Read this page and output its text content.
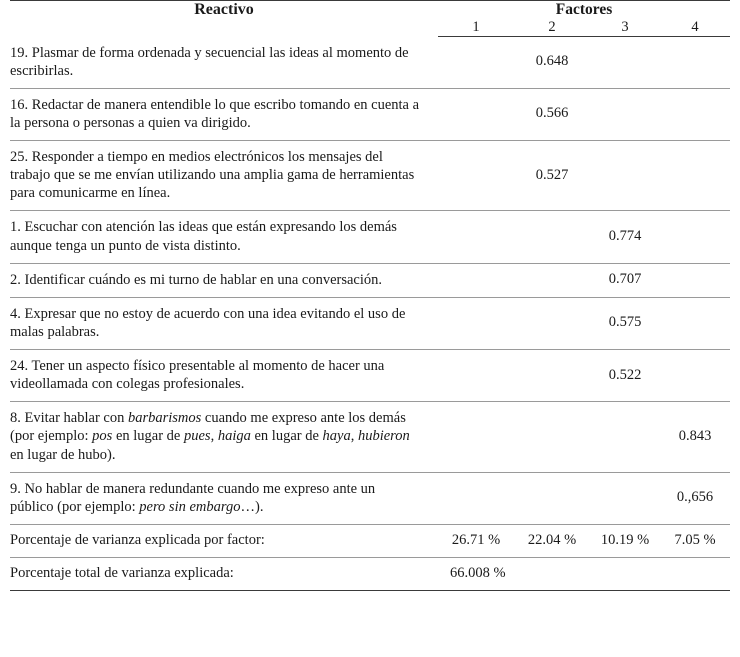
Reactivo	Factores			
	1	2	3	4
19. Plasmar de forma ordenada y secuencial las ideas al momento de escribirlas.		0.648		
16. Redactar de manera entendible lo que escribo tomando en cuenta a la persona o personas a quien va dirigido.		0.566		
25. Responder a tiempo en medios electrónicos los mensajes del trabajo que se me envían utilizando una amplia gama de herramientas para comunicarme en línea.		0.527		
1. Escuchar con atención las ideas que están expresando los demás aunque tenga un punto de vista distinto.			0.774	
2. Identificar cuándo es mi turno de hablar en una conversación.			0.707	
4. Expresar que no estoy de acuerdo con una idea evitando el uso de malas palabras.			0.575	
24. Tener un aspecto físico presentable al momento de hacer una videollamada con colegas profesionales.			0.522	
8. Evitar hablar con barbarismos cuando me expreso ante los demás (por ejemplo: pos en lugar de pues, haiga en lugar de haya, hubieron en lugar de hubo).				0.843
9. No hablar de manera redundante cuando me expreso ante un público (por ejemplo: pero sin embargo…).				0.,656
Porcentaje de varianza explicada por factor:	26.71 %	22.04 %	10.19 %	7.05 %
Porcentaje total de varianza explicada:	66.008 %			
